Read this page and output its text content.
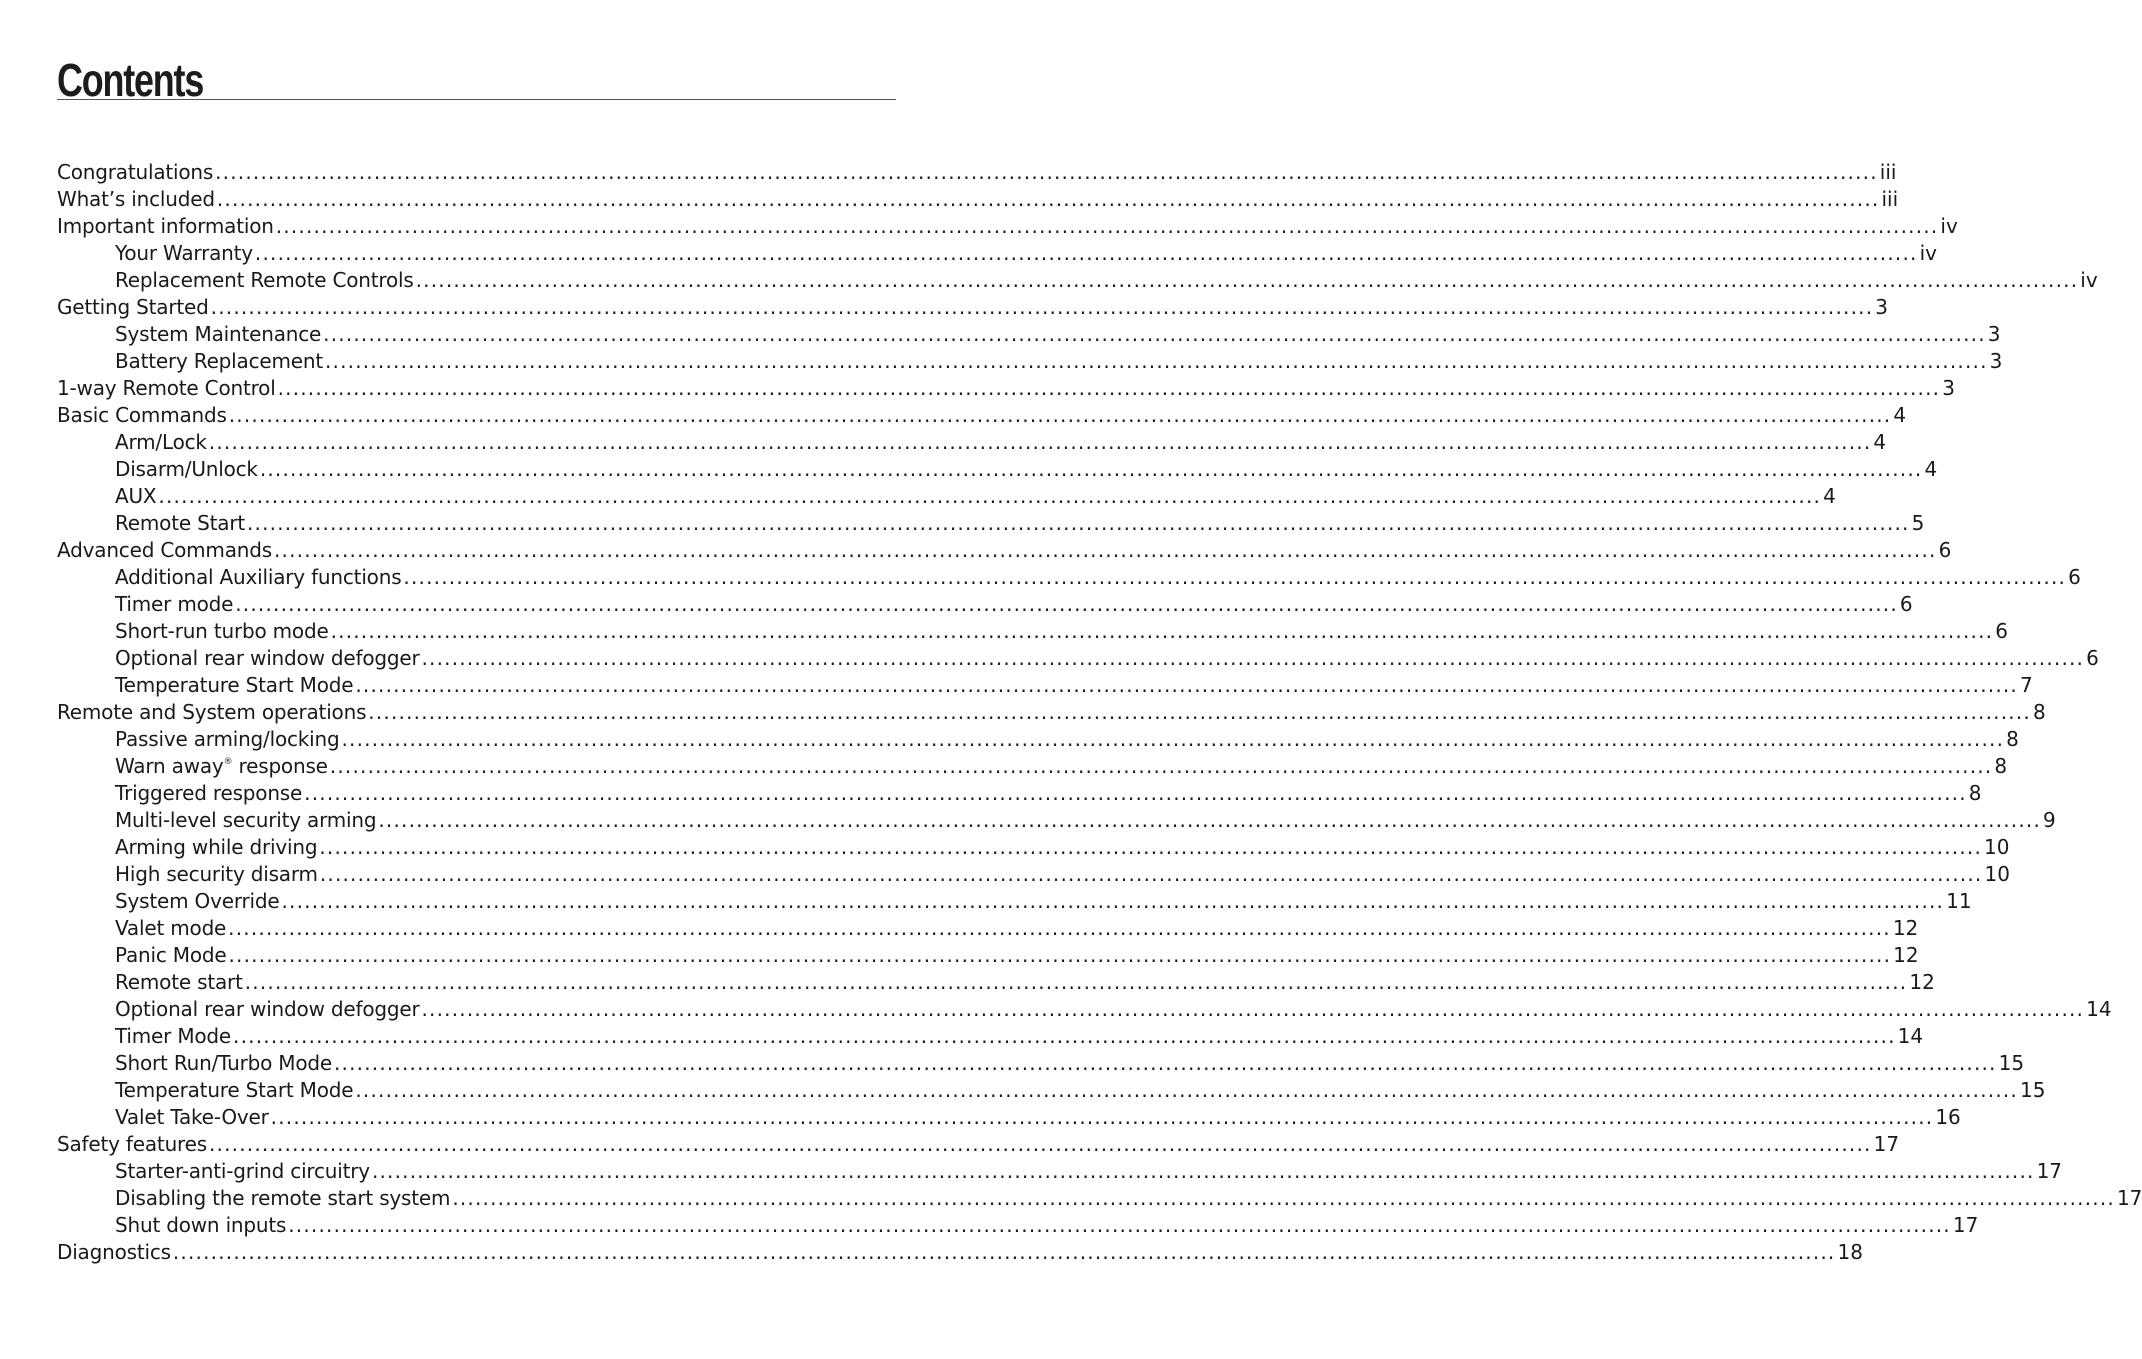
Contents
Congratulations ............................................................................................................................................................................................................................ iii
What’s included ............................................................................................................................................................................................................................ iii
Important information ............................................................................................................................................................................................................................ iv
Your Warranty ............................................................................................................................................................................................................................ iv
Replacement Remote Controls ............................................................................................................................................................................................................................ iv
Getting Started ............................................................................................................................................................................................................................ 3
System Maintenance ............................................................................................................................................................................................................................ 3
Battery Replacement ............................................................................................................................................................................................................................ 3
1-way Remote Control ............................................................................................................................................................................................................................ 3
Basic Commands ............................................................................................................................................................................................................................ 4
Arm/Lock ............................................................................................................................................................................................................................ 4
Disarm/Unlock ............................................................................................................................................................................................................................ 4
AUX ............................................................................................................................................................................................................................ 4
Remote Start ............................................................................................................................................................................................................................ 5
Advanced Commands ............................................................................................................................................................................................................................ 6
Additional Auxiliary functions ............................................................................................................................................................................................................................ 6
Timer mode ............................................................................................................................................................................................................................ 6
Short-run turbo mode ............................................................................................................................................................................................................................ 6
Optional rear window defogger ............................................................................................................................................................................................................................ 6
Temperature Start Mode ............................................................................................................................................................................................................................ 7
Remote and System operations ............................................................................................................................................................................................................................ 8
Passive arming/locking ............................................................................................................................................................................................................................ 8
Warn away® response ............................................................................................................................................................................................................................ 8
Triggered response ............................................................................................................................................................................................................................ 8
Multi-level security arming ............................................................................................................................................................................................................................ 9
Arming while driving ............................................................................................................................................................................................................................ 10
High security disarm ............................................................................................................................................................................................................................ 10
System Override ............................................................................................................................................................................................................................ 11
Valet mode ............................................................................................................................................................................................................................ 12
Panic Mode ............................................................................................................................................................................................................................ 12
Remote start ............................................................................................................................................................................................................................ 12
Optional rear window defogger ............................................................................................................................................................................................................................ 14
Timer Mode ............................................................................................................................................................................................................................ 14
Short Run/Turbo Mode ............................................................................................................................................................................................................................ 15
Temperature Start Mode ............................................................................................................................................................................................................................ 15
Valet Take-Over ............................................................................................................................................................................................................................ 16
Safety features ............................................................................................................................................................................................................................ 17
Starter-anti-grind circuitry ............................................................................................................................................................................................................................ 17
Disabling the remote start system ............................................................................................................................................................................................................................ 17
Shut down inputs ............................................................................................................................................................................................................................ 17
Diagnostics ............................................................................................................................................................................................................................ 18
